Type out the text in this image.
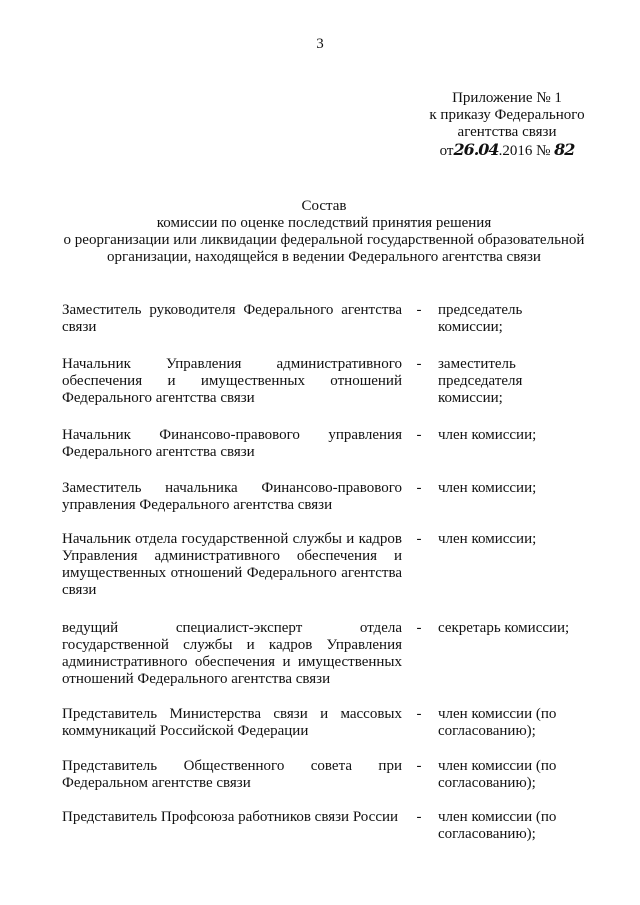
3
Приложение № 1
к приказу Федерального
агентства связи
от26.04.2016 № 82
Состав
комиссии по оценке последствий принятия решения
о реорганизации или ликвидации федеральной государственной образовательной
организации, находящейся в ведении Федерального агентства связи
Заместитель руководителя Федерального агентства связи
-	председатель комиссии;
Начальник Управления административного обеспечения и имущественных отношений Федерального агентства связи
-	заместитель председателя комиссии;
Начальник Финансово-правового управления Федерального агентства связи
-	член комиссии;
Заместитель начальника Финансово-правового управления Федерального агентства связи
-	член комиссии;
Начальник отдела государственной службы и кадров Управления административного обеспечения и имущественных отношений Федерального агентства связи
-	член комиссии;
ведущий специалист-эксперт отдела государственной службы и кадров Управления административного обеспечения и имущественных отношений Федерального агентства связи
-	секретарь комиссии;
Представитель Министерства связи и массовых коммуникаций Российской Федерации
-	член комиссии (по согласованию);
Представитель Общественного совета при Федеральном агентстве связи
-	член комиссии (по согласованию);
Представитель Профсоюза работников связи России	-	член комиссии (по согласованию);
